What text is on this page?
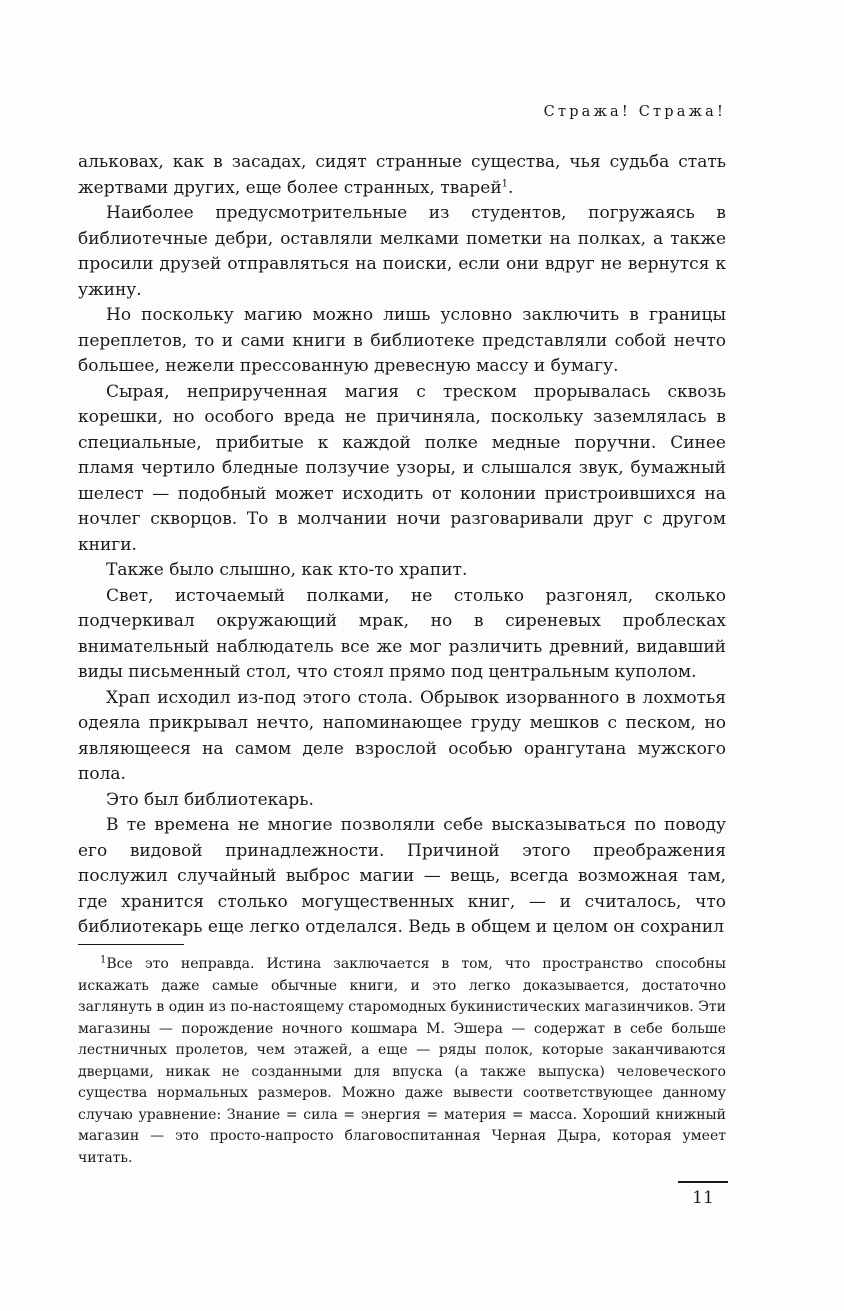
Стража! Стража!

альковах, как в засадах, сидят странные существа, чья судьба стать жертвами других, еще более странных, тварей$^1$.

Наиболее предусмотрительные из студентов, погружаясь в библиотечные дебри, оставляли мелками пометки на полках, а также просили друзей отправляться на поиски, если они вдруг не вернутся к ужину.

Но поскольку магию можно лишь условно заключить в границы переплетов, то и сами книги в библиотеке представляли собой нечто большее, нежели прессованную древесную массу и бумагу.

Сырая, неприрученная магия с треском прорывалась сквозь корешки, но особого вреда не причиняла, поскольку заземлялась в специальные, прибитые к каждой полке медные поручни. Синее пламя чертило бледные ползучие узоры, и слышался звук, бумажный шелест — подобный может исходить от колонии пристроившихся на ночлег скворцов. То в молчании ночи разговаривали друг с другом книги.

Также было слышно, как кто-то храпит.

Свет, источаемый полками, не столько разгонял, сколько подчеркивал окружающий мрак, но в сиреневых проблесках внимательный наблюдатель все же мог различить древний, видавший виды письменный стол, что стоял прямо под центральным куполом.

Храп исходил из-под этого стола. Обрывок изорванного в лохмотья одеяла прикрывал нечто, напоминающее груду мешков с песком, но являющееся на самом деле взрослой особью орангутана мужского пола.

Это был библиотекарь.

В те времена не многие позволяли себе высказываться по поводу его видовой принадлежности. Причиной этого преображения послужил случайный выброс магии — вещь, всегда возможная там, где хранится столько могущественных книг, — и считалось, что библиотекарь еще легко отделался. Ведь в общем и целом он сохранил

$^1$Все это неправда. Истина заключается в том, что пространство способны искажать даже самые обычные книги, и это легко доказывается, достаточно заглянуть в один из по-настоящему старомодных букинистических магазинчиков. Эти магазины — порождение ночного кошмара М. Эшера — содержат в себе больше лестничных пролетов, чем этажей, а еще — ряды полок, которые заканчиваются дверцами, никак не созданными для впуска (а также выпуска) человеческого существа нормальных размеров. Можно даже вывести соответствующее данному случаю уравнение: Знание = сила = энергия = материя = масса. Хороший книжный магазин — это просто-напросто благовоспитанная Черная Дыра, которая умеет читать.

11
